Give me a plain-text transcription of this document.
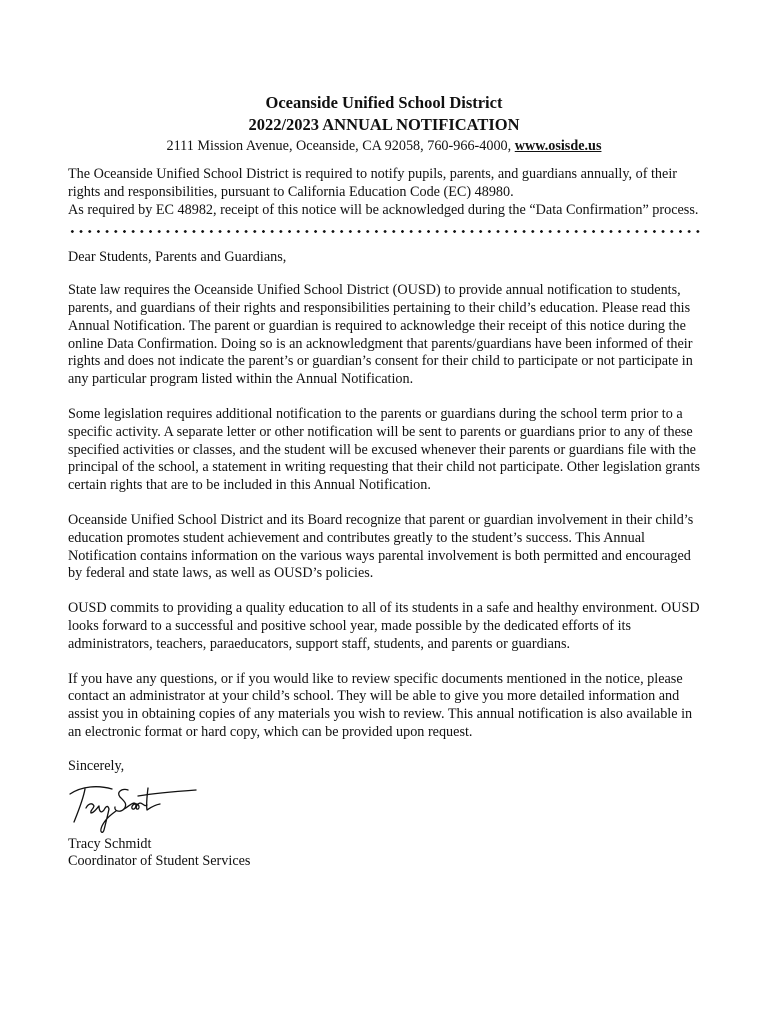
Oceanside Unified School District
2022/2023 ANNUAL NOTIFICATION
2111 Mission Avenue, Oceanside, CA 92058, 760-966-4000, www.osisde.us

The Oceanside Unified School District is required to notify pupils, parents, and guardians annually, of their rights and responsibilities, pursuant to California Education Code (EC) 48980.
As required by EC 48982, receipt of this notice will be acknowledged during the “Data Confirmation” process.

Dear Students, Parents and Guardians,

State law requires the Oceanside Unified School District (OUSD) to provide annual notification to students, parents, and guardians of their rights and responsibilities pertaining to their child’s education. Please read this Annual Notification. The parent or guardian is required to acknowledge their receipt of this notice during the online Data Confirmation. Doing so is an acknowledgment that parents/guardians have been informed of their rights and does not indicate the parent’s or guardian’s consent for their child to participate or not participate in any particular program listed within the Annual Notification.

Some legislation requires additional notification to the parents or guardians during the school term prior to a specific activity. A separate letter or other notification will be sent to parents or guardians prior to any of these specified activities or classes, and the student will be excused whenever their parents or guardians file with the principal of the school, a statement in writing requesting that their child not participate. Other legislation grants certain rights that are to be included in this Annual Notification.

Oceanside Unified School District and its Board recognize that parent or guardian involvement in their child’s education promotes student achievement and contributes greatly to the student’s success. This Annual Notification contains information on the various ways parental involvement is both permitted and encouraged by federal and state laws, as well as OUSD’s policies.

OUSD commits to providing a quality education to all of its students in a safe and healthy environment. OUSD looks forward to a successful and positive school year, made possible by the dedicated efforts of its administrators, teachers, paraeducators, support staff, students, and parents or guardians.

If you have any questions, or if you would like to review specific documents mentioned in the notice, please contact an administrator at your child’s school. They will be able to give you more detailed information and assist you in obtaining copies of any materials you wish to review. This annual notification is also available in an electronic format or hard copy, which can be provided upon request.

Sincerely,

Tracy Schmidt

Coordinator of Student Services
